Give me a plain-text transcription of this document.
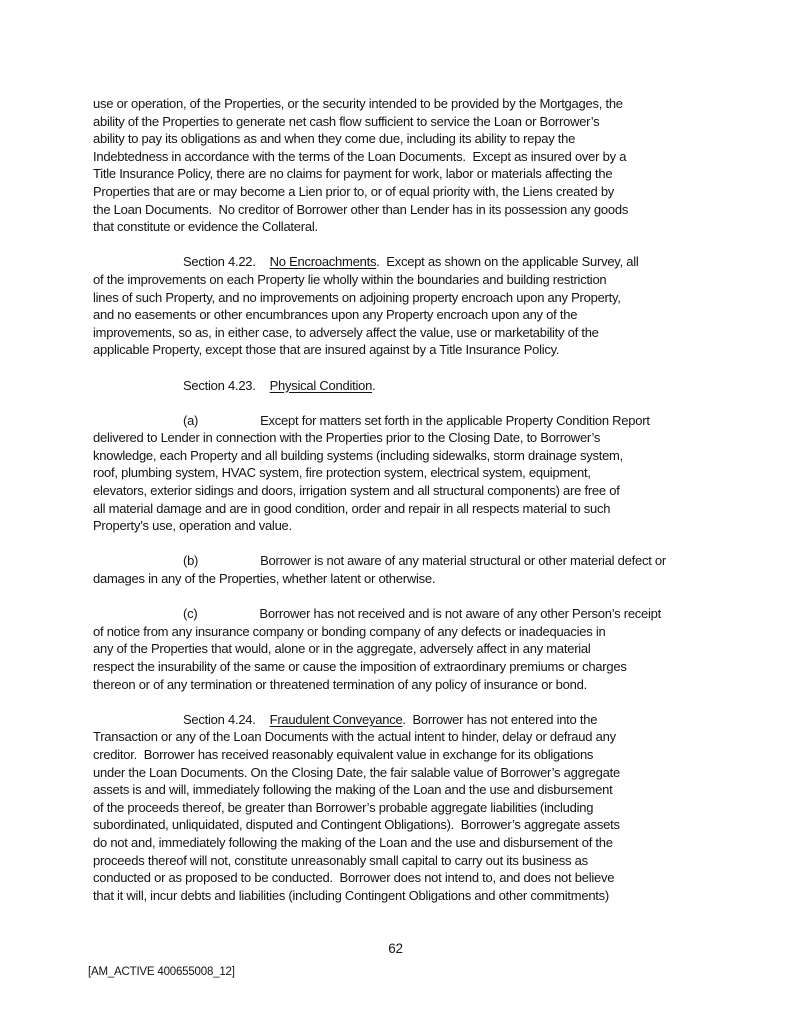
use or operation, of the Properties, or the security intended to be provided by the Mortgages, the
ability of the Properties to generate net cash flow sufficient to service the Loan or Borrower’s
ability to pay its obligations as and when they come due, including its ability to repay the
Indebtedness in accordance with the terms of the Loan Documents.  Except as insured over by a
Title Insurance Policy, there are no claims for payment for work, labor or materials affecting the
Properties that are or may become a Lien prior to, or of equal priority with, the Liens created by
the Loan Documents.  No creditor of Borrower other than Lender has in its possession any goods
that constitute or evidence the Collateral.
Section 4.22. No Encroachments.  Except as shown on the applicable Survey, all
of the improvements on each Property lie wholly within the boundaries and building restriction
lines of such Property, and no improvements on adjoining property encroach upon any Property,
and no easements or other encumbrances upon any Property encroach upon any of the
improvements, so as, in either case, to adversely affect the value, use or marketability of the
applicable Property, except those that are insured against by a Title Insurance Policy.
Section 4.23. Physical Condition.
(a)	Except for matters set forth in the applicable Property Condition Report
delivered to Lender in connection with the Properties prior to the Closing Date, to Borrower’s
knowledge, each Property and all building systems (including sidewalks, storm drainage system,
roof, plumbing system, HVAC system, fire protection system, electrical system, equipment,
elevators, exterior sidings and doors, irrigation system and all structural components) are free of
all material damage and are in good condition, order and repair in all respects material to such
Property’s use, operation and value.
(b)	Borrower is not aware of any material structural or other material defect or
damages in any of the Properties, whether latent or otherwise.
(c)	Borrower has not received and is not aware of any other Person’s receipt
of notice from any insurance company or bonding company of any defects or inadequacies in
any of the Properties that would, alone or in the aggregate, adversely affect in any material
respect the insurability of the same or cause the imposition of extraordinary premiums or charges
thereon or of any termination or threatened termination of any policy of insurance or bond.
Section 4.24. Fraudulent Conveyance.  Borrower has not entered into the
Transaction or any of the Loan Documents with the actual intent to hinder, delay or defraud any
creditor.  Borrower has received reasonably equivalent value in exchange for its obligations
under the Loan Documents. On the Closing Date, the fair salable value of Borrower’s aggregate
assets is and will, immediately following the making of the Loan and the use and disbursement
of the proceeds thereof, be greater than Borrower’s probable aggregate liabilities (including
subordinated, unliquidated, disputed and Contingent Obligations).  Borrower’s aggregate assets
do not and, immediately following the making of the Loan and the use and disbursement of the
proceeds thereof will not, constitute unreasonably small capital to carry out its business as
conducted or as proposed to be conducted.  Borrower does not intend to, and does not believe
that it will, incur debts and liabilities (including Contingent Obligations and other commitments)
62
[AM_ACTIVE 400655008_12]
